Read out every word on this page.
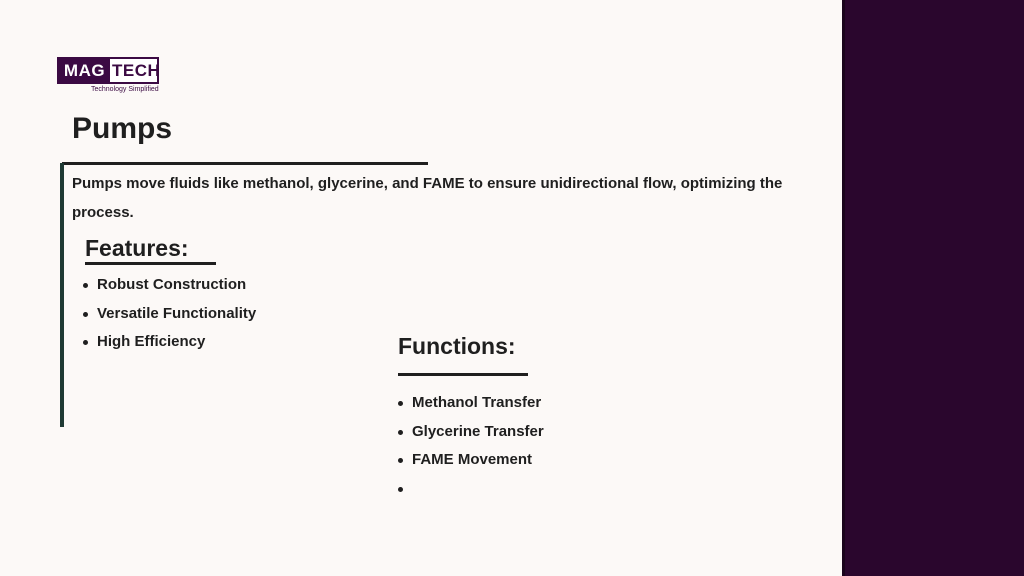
MAG TECH
Technology Simplified
Pumps
Pumps move fluids like methanol, glycerine, and FAME to ensure unidirectional flow, optimizing the process.
Features:
Robust Construction
Versatile Functionality
High Efficiency	Functions:
Methanol Transfer
Glycerine Transfer
FAME Movement
